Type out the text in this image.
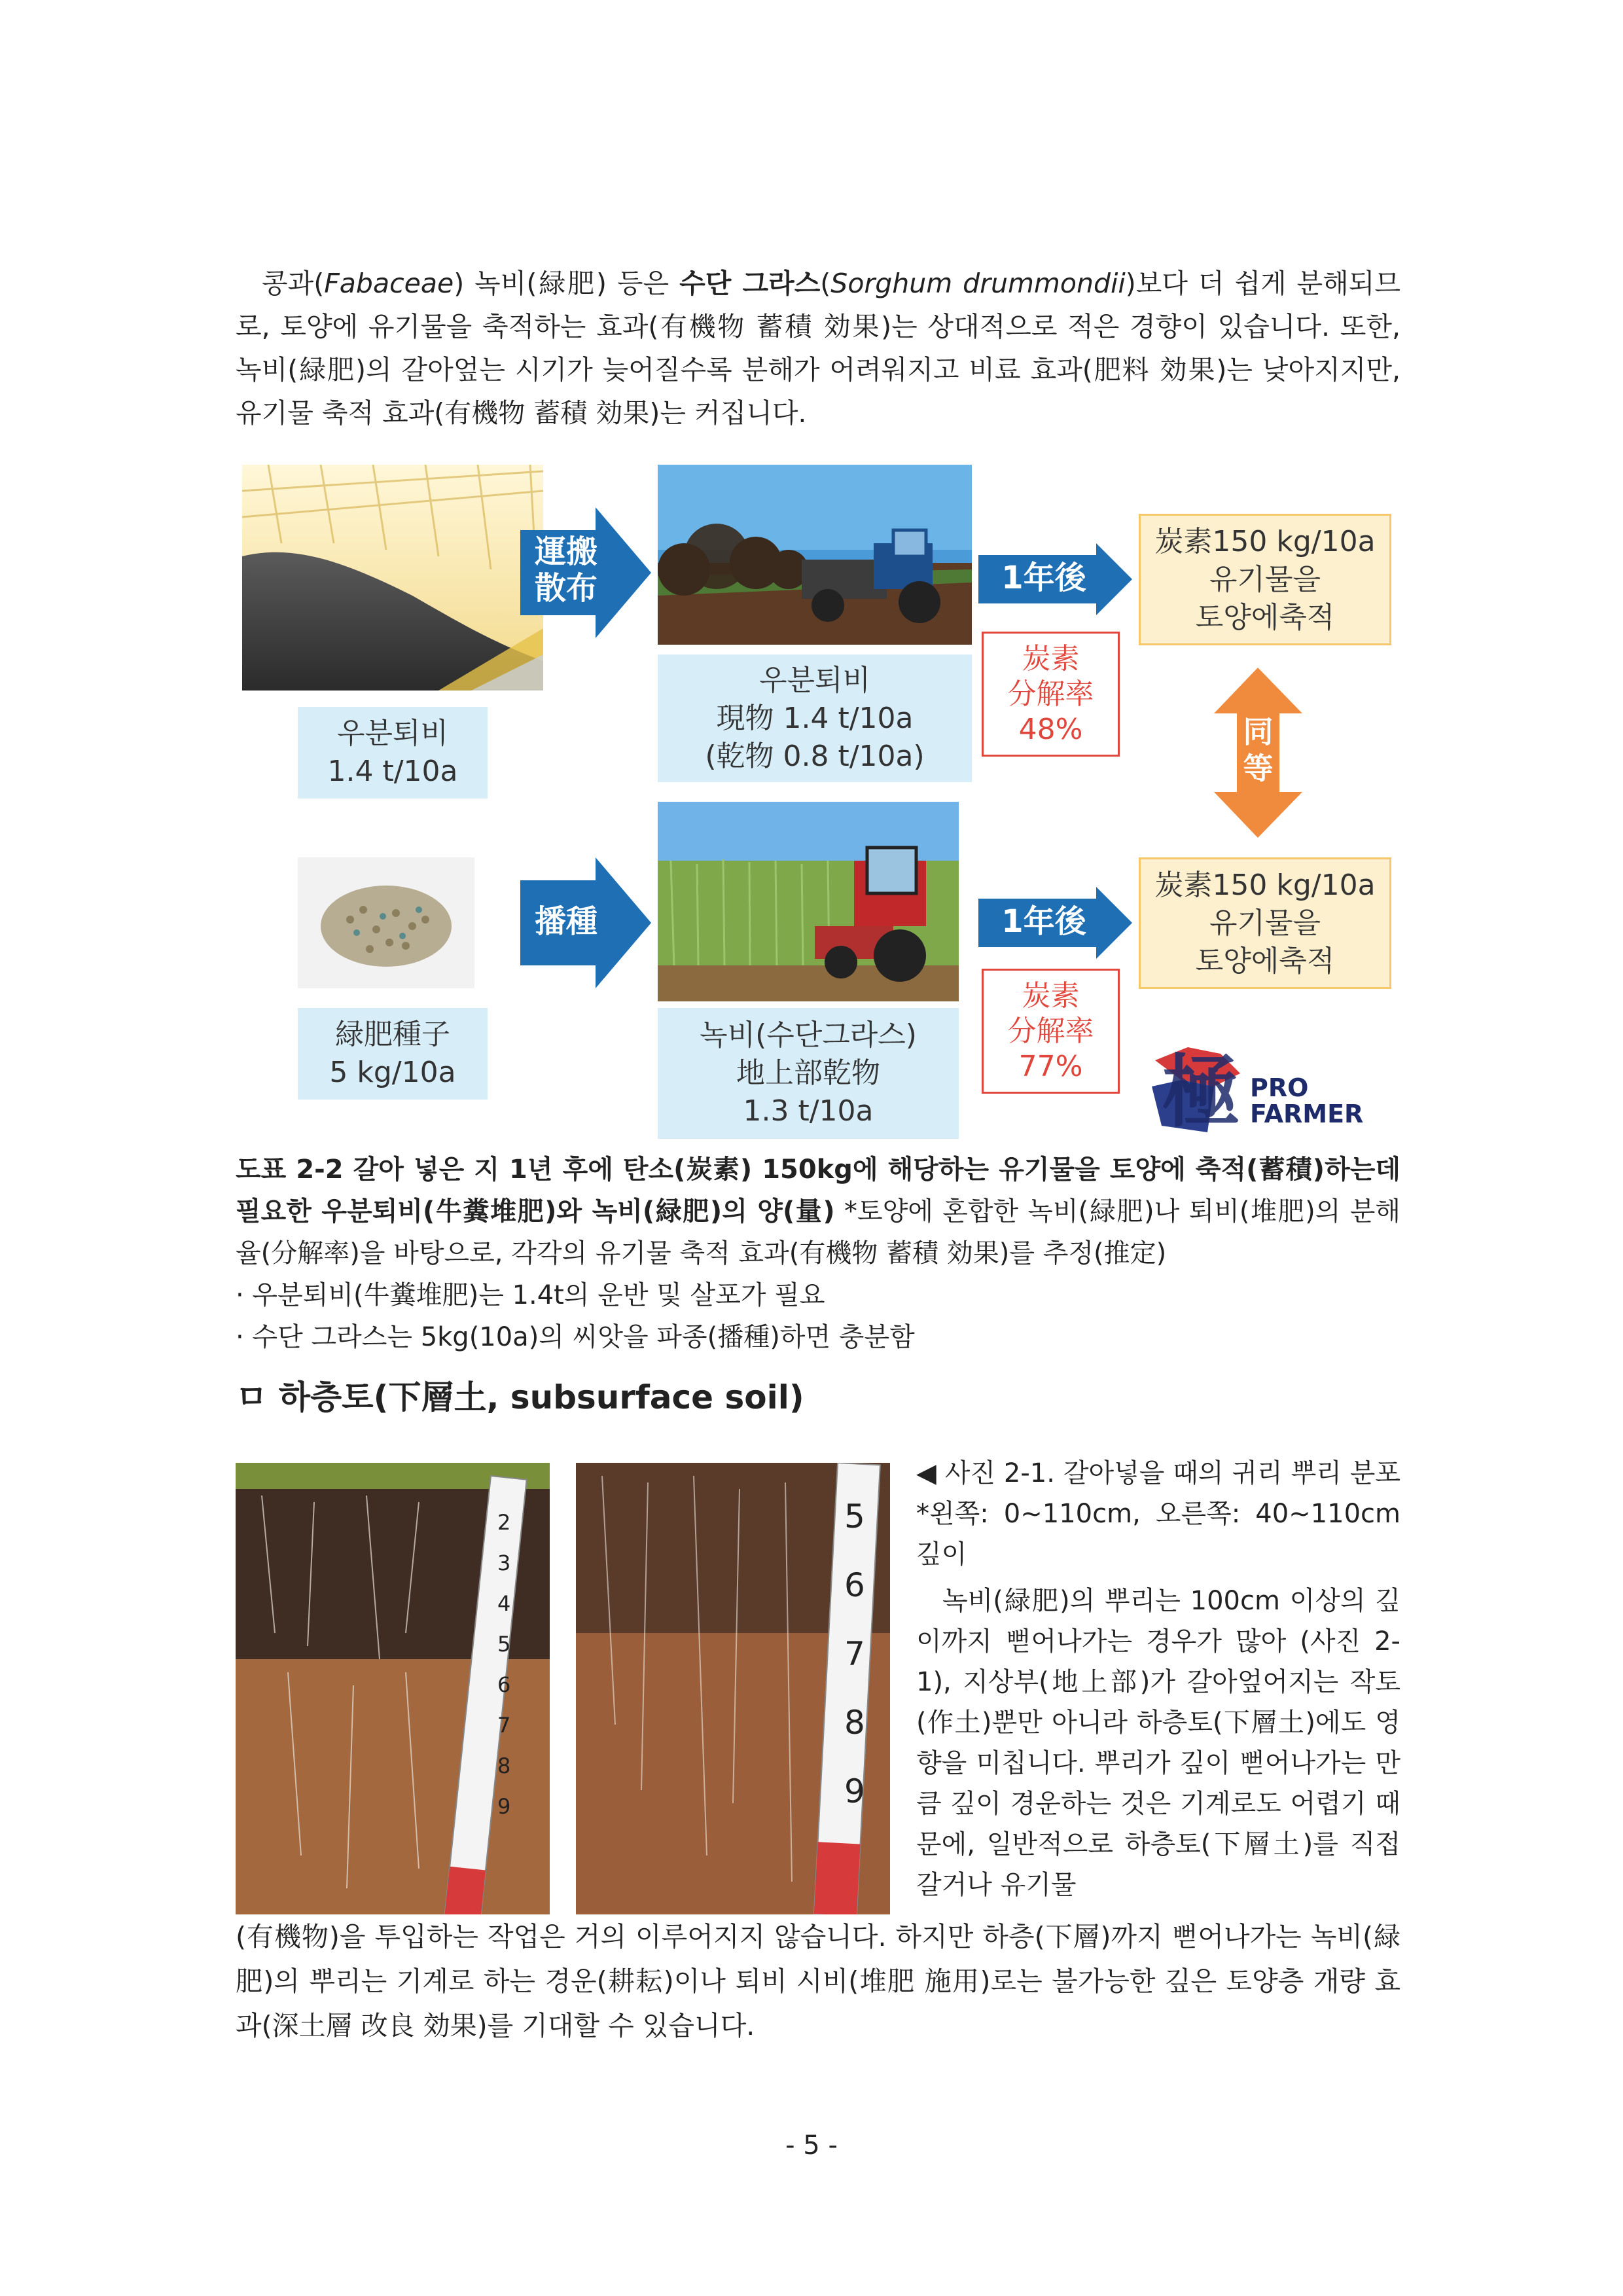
콩과(Fabaceae) 녹비(緑肥) 등은 수단 그라스(Sorghum drummondii)보다 더 쉽게 분해되므로, 토양에 유기물을 축적하는 효과(有機物 蓄積 効果)는 상대적으로 적은 경향이 있습니다. 또한, 녹비(緑肥)의 갈아엎는 시기가 늦어질수록 분해가 어려워지고 비료 효과(肥料 効果)는 낮아지지만, 유기물 축적 효과(有機物 蓄積 効果)는 커집니다.

우분퇴비
1.4 t/10a
運搬
散布
우분퇴비
現物 1.4 t/10a
(乾物 0.8 t/10a)
1年後
炭素
分解率
48%
炭素150 kg/10a
유기물을
토양에축적
同
等
緑肥種子
5 kg/10a
播種
녹비(수단그라스)
地上部乾物
1.3 t/10a
1年後
炭素
分解率
77%
炭素150 kg/10a
유기물을
토양에축적
極 PRO
FARMER

도표 2-2 갈아 넣은 지 1년 후에 탄소(炭素) 150kg에 해당하는 유기물을 토양에 축적(蓄積)하는데 필요한 우분퇴비(牛糞堆肥)와 녹비(緑肥)의 양(量) *토양에 혼합한 녹비(緑肥)나 퇴비(堆肥)의 분해율(分解率)을 바탕으로, 각각의 유기물 축적 효과(有機物 蓄積 効果)를 추정(推定)

· 우분퇴비(牛糞堆肥)는 1.4t의 운반 및 살포가 필요

· 수단 그라스는 5kg(10a)의 씨앗을 파종(播種)하면 충분함

ㅁ 하층토(下層土, subsurface soil)
2 3 4 5 6 7 8 9
5 6 7 8 9
◀ 사진 2-1. 갈아넣을 때의 귀리 뿌리 분포 *왼쪽: 0~110cm, 오른쪽: 40~110cm 깊이
녹비(緑肥)의 뿌리는 100cm 이상의 깊이까지 뻗어나가는 경우가 많아 (사진 2-1), 지상부(地上部)가 갈아엎어지는 작토(作土)뿐만 아니라 하층토(下層土)에도 영향을 미칩니다. 뿌리가 깊이 뻗어나가는 만큼 깊이 경운하는 것은 기계로도 어렵기 때문에, 일반적으로 하층토(下層土)를 직접 갈거나 유기물

(有機物)을 투입하는 작업은 거의 이루어지지 않습니다. 하지만 하층(下層)까지 뻗어나가는 녹비(緑肥)의 뿌리는 기계로 하는 경운(耕耘)이나 퇴비 시비(堆肥 施用)로는 불가능한 깊은 토양층 개량 효과(深土層 改良 効果)를 기대할 수 있습니다.

- 5 -
